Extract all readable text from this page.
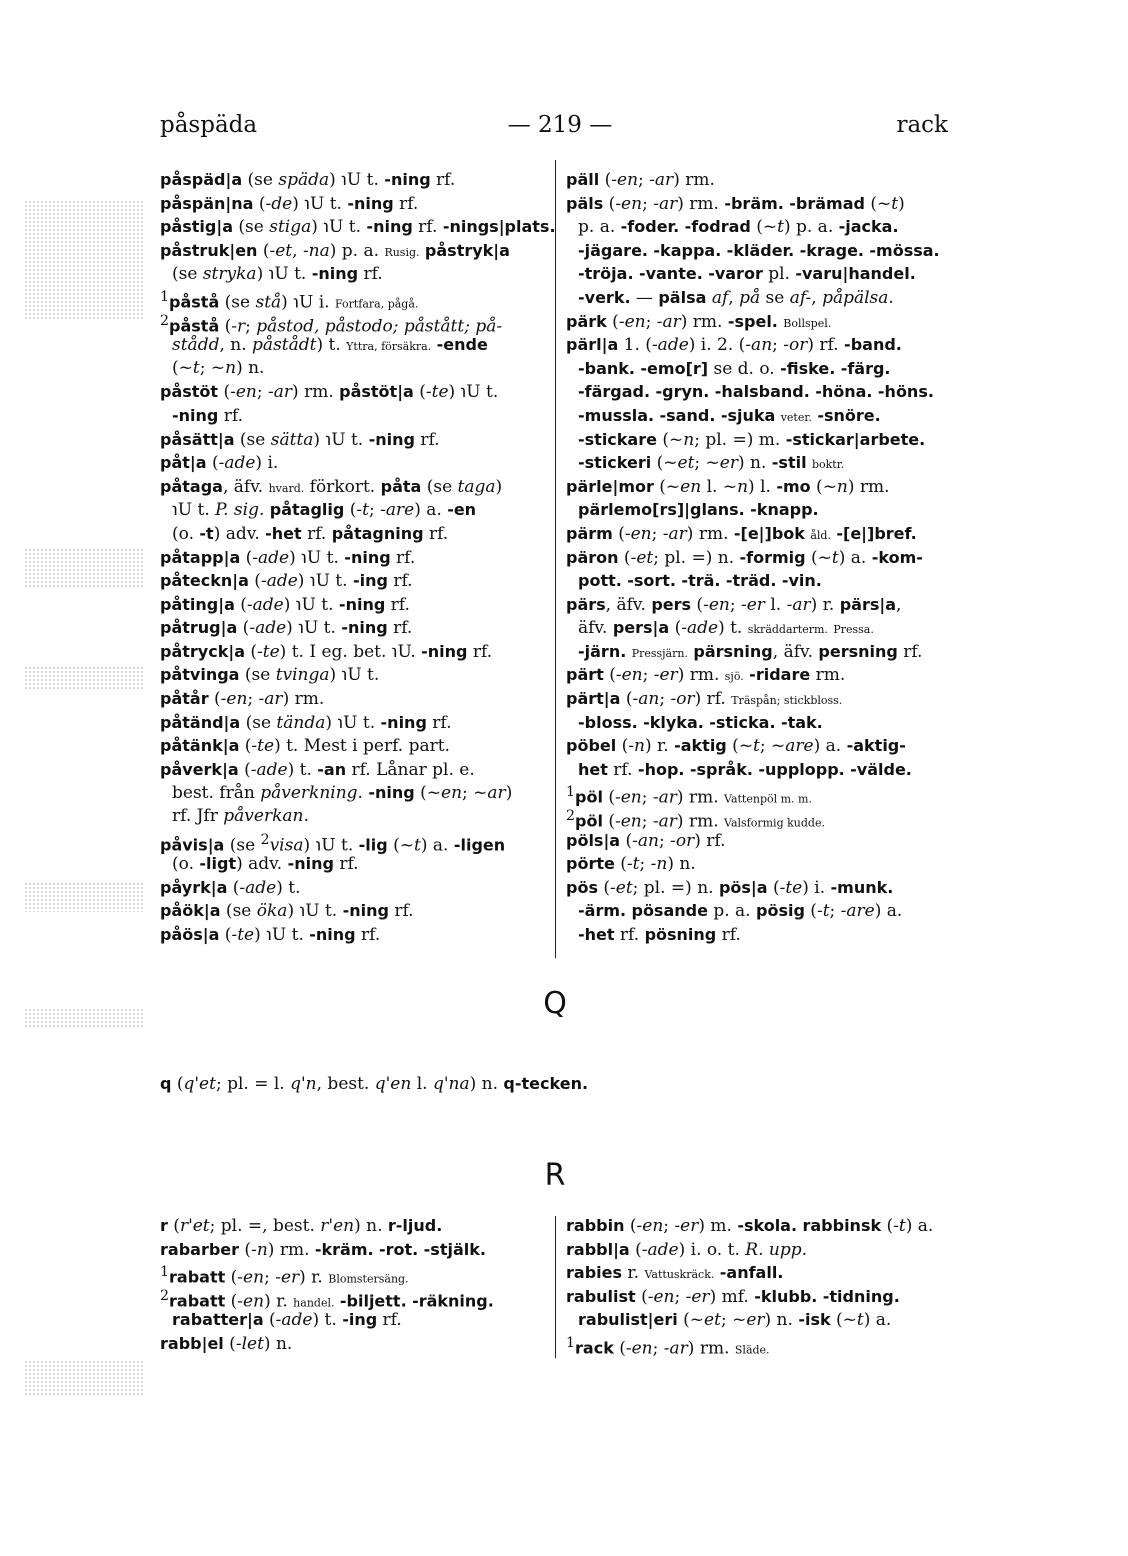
påspäda	— 219 —	rack
påspäd|a (se späda) ℩U t. -ning rf.
påspän|na (-de) ℩U t. -ning rf.
påstig|a (se stiga) ℩U t. -ning rf. -nings|plats.
påstruk|en (-et, -na) p. a. Rusig. påstryk|a
(se stryka) ℩U t. -ning rf.
$^1$påstå (se stå) ℩U i. Fortfara, pågå.
$^2$påstå (-r; påstod, påstodo; påstått; på-
stådd, n. påstådt) t. Yttra, försäkra. -ende
(~t; ~n) n.
påstöt (-en; -ar) rm. påstöt|a (-te) ℩U t.
-ning rf.
påsätt|a (se sätta) ℩U t. -ning rf.
påt|a (-ade) i.
påtaga, äfv. hvard. förkort. påta (se taga)
℩U t. P. sig. påtaglig (-t; -are) a. -en
(o. -t) adv. -het rf. påtagning rf.
påtapp|a (-ade) ℩U t. -ning rf.
påteckn|a (-ade) ℩U t. -ing rf.
påting|a (-ade) ℩U t. -ning rf.
påtrug|a (-ade) ℩U t. -ning rf.
påtryck|a (-te) t. I eg. bet. ℩U. -ning rf.
påtvinga (se tvinga) ℩U t.
påtår (-en; -ar) rm.
påtänd|a (se tända) ℩U t. -ning rf.
påtänk|a (-te) t. Mest i perf. part.
påverk|a (-ade) t. -an rf. Lånar pl. e.
best. från påverkning. -ning (~en; ~ar)
rf. Jfr påverkan.
påvis|a (se $^2$visa) ℩U t. -lig (~t) a. -ligen
(o. -ligt) adv. -ning rf.
påyrk|a (-ade) t.
påök|a (se öka) ℩U t. -ning rf.
påös|a (-te) ℩U t. -ning rf.
päll (-en; -ar) rm.
päls (-en; -ar) rm. -bräm. -brämad (~t)
p. a. -foder. -fodrad (~t) p. a. -jacka.
-jägare. -kappa. -kläder. -krage. -mössa.
-tröja. -vante. -varor pl. -varu|handel.
-verk. — pälsa af, på se af-, påpälsa.
pärk (-en; -ar) rm. -spel. Bollspel.
pärl|a 1. (-ade) i. 2. (-an; -or) rf. -band.
-bank. -emo[r] se d. o. -fiske. -färg.
-färgad. -gryn. -halsband. -höna. -höns.
-mussla. -sand. -sjuka veter. -snöre.
-stickare (~n; pl. =) m. -stickar|arbete.
-stickeri (~et; ~er) n. -stil boktr.
pärle|mor (~en l. ~n) l. -mo (~n) rm.
pärlemo[rs]|glans. -knapp.
pärm (-en; -ar) rm. -[e|]bok åld. -[e|]bref.
päron (-et; pl. =) n. -formig (~t) a. -kom-
pott. -sort. -trä. -träd. -vin.
pärs, äfv. pers (-en; -er l. -ar) r. pärs|a,
äfv. pers|a (-ade) t. skräddarterm. Pressa.
-järn. Pressjärn. pärsning, äfv. persning rf.
pärt (-en; -er) rm. sjö. -ridare rm.
pärt|a (-an; -or) rf. Träspån; stickbloss.
-bloss. -klyka. -sticka. -tak.
pöbel (-n) r. -aktig (~t; ~are) a. -aktig-
het rf. -hop. -språk. -upplopp. -välde.
$^1$pöl (-en; -ar) rm. Vattenpöl m. m.
$^2$pöl (-en; -ar) rm. Valsformig kudde.
pöls|a (-an; -or) rf.
pörte (-t; -n) n.
pös (-et; pl. =) n. pös|a (-te) i. -munk.
-ärm. pösande p. a. pösig (-t; -are) a.
-het rf. pösning rf.
Q
q (q'et; pl. = l. q'n, best. q'en l. q'na) n. q-tecken.
R
r (r'et; pl. =, best. r'en) n. r-ljud.
rabarber (-n) rm. -kräm. -rot. -stjälk.
$^1$rabatt (-en; -er) r. Blomstersäng.
$^2$rabatt (-en) r. handel. -biljett. -räkning.
rabatter|a (-ade) t. -ing rf.
rabb|el (-let) n.
rabbin (-en; -er) m. -skola. rabbinsk (-t) a.
rabbl|a (-ade) i. o. t. R. upp.
rabies r. Vattuskräck. -anfall.
rabulist (-en; -er) mf. -klubb. -tidning.
rabulist|eri (~et; ~er) n. -isk (~t) a.
$^1$rack (-en; -ar) rm. Släde.
